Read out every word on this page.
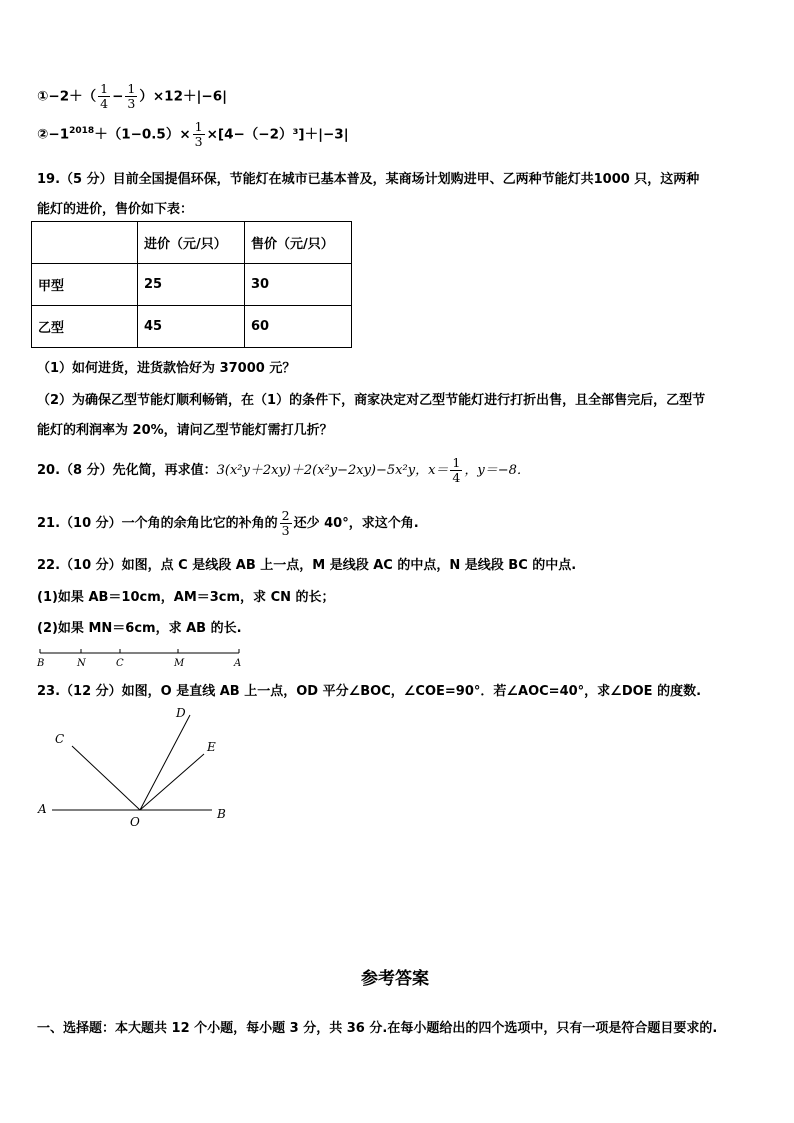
①−2＋（ $\frac{1}{4} - \frac{1}{3} )\times 12+|-6|$
$②-1^{2018}+(1-0.5)\times \frac{1}{3} \times[4-(-2)^3]+|-3|$
19.（5 分）目前全国提倡环保，节能灯在城市已基本普及，某商场计划购进甲、乙两种节能灯共1000 只，这两种
能灯的进价，售价如下表：
	进价（元/只）	售价（元/只）
甲型	25	30
乙型	45	60
（1）如何进货，进货款恰好为 37000 元？
（2）为确保乙型节能灯顺利畅销，在（1）的条件下，商家决定对乙型节能灯进行打折出售，且全部售完后，乙型节
能灯的利润率为 20%，请问乙型节能灯需打几折？
20.（8 分）先化简，再求值：3(x²y＋2xy)＋2(x²y−2xy)−5x²y，$x= \frac{1}{4}$ ，y＝−8．
21.（10 分）一个角的余角比它的补角的 $\frac{2}{3}$ 还少 40°，求这个角.
22.（10 分）如图，点 C 是线段 AB 上一点，M 是线段 AC 的中点，N 是线段 BC 的中点.
(1)如果 AB＝10cm，AM＝3cm，求 CN 的长；
(2)如果 MN＝6cm，求 AB 的长.
B	N	C	M	A
23.（12 分）如图，O 是直线 AB 上一点，OD 平分∠BOC，∠COE=90°．若∠AOC=40°，求∠DOE 的度数.
C
D
E
A
O
B
参考答案
一、选择题：本大题共 12 个小题，每小题 3 分，共 36 分.在每小题给出的四个选项中，只有一项是符合题目要求的.
